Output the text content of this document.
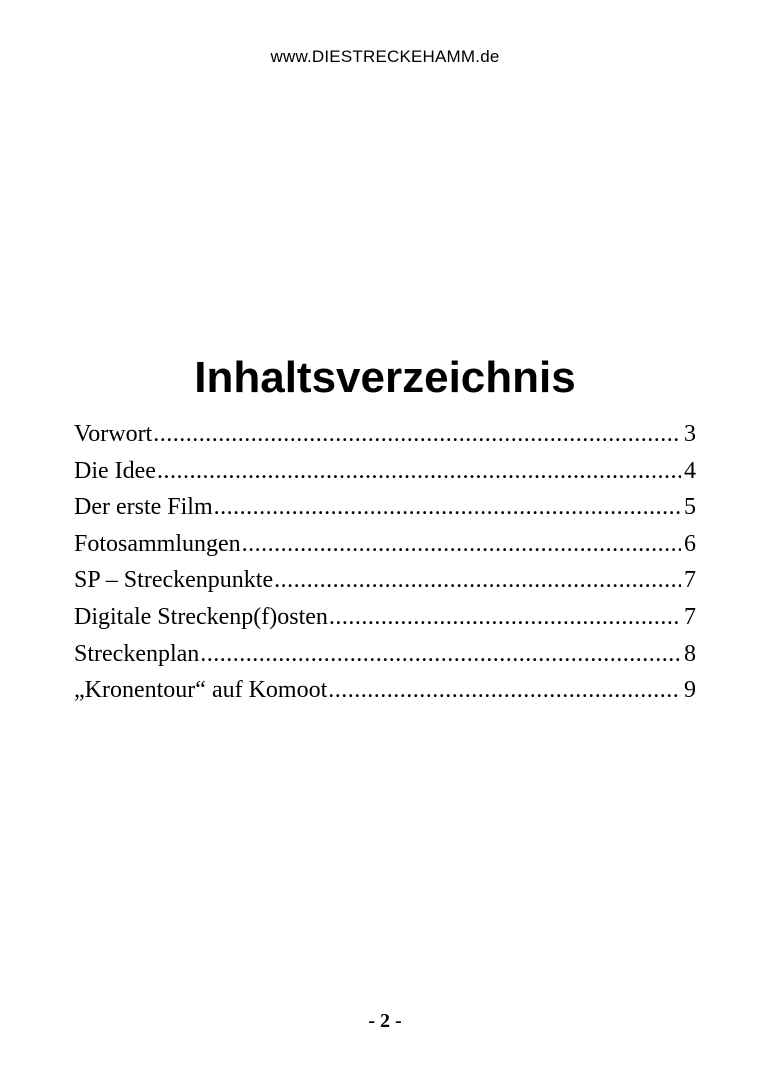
www.DIESTRECKEHAMM.de
Inhaltsverzeichnis
Vorwort .....	3
Die Idee .....	4
Der erste Film .....	5
Fotosammlungen .....	6
SP – Streckenpunkte .....	7
Digitale Streckenp(f)osten .....	7
Streckenplan .....	8
„Kronentour“ auf Komoot .....	9
- 2 -
